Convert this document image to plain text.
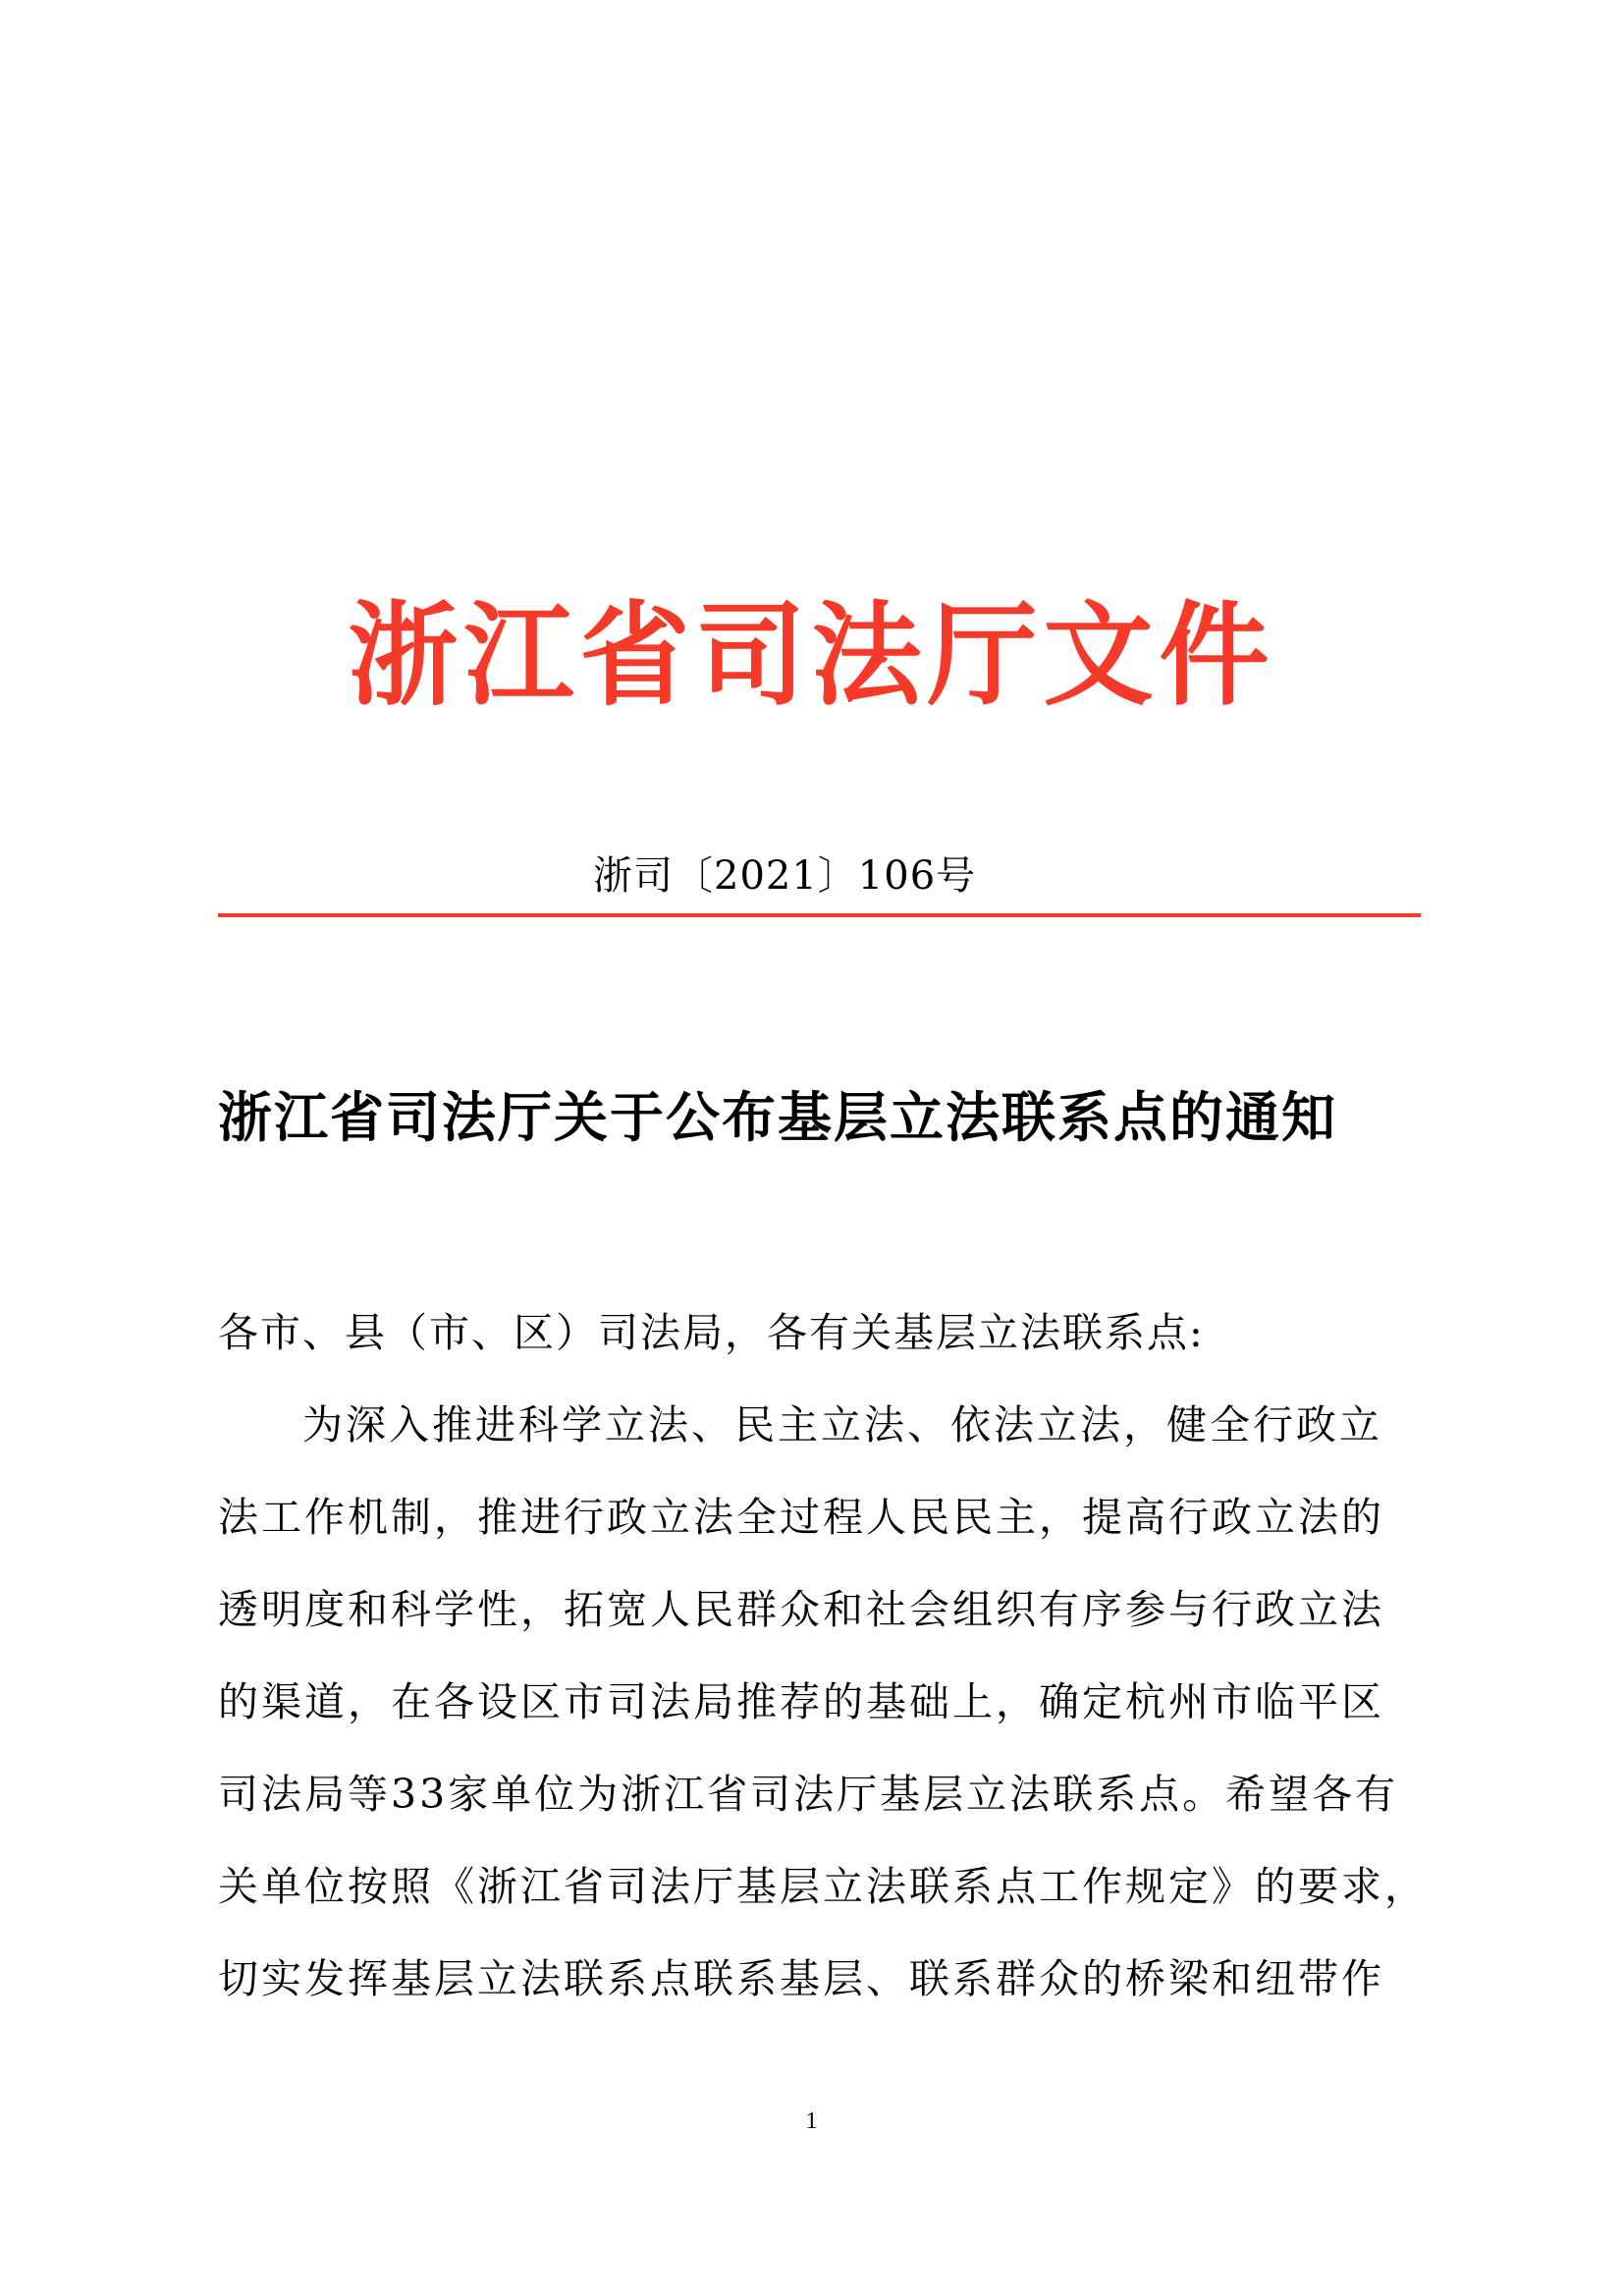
浙江省司法厅文件
浙司〔2021〕106号
浙江省司法厅关于公布基层立法联系点的通知
各市、县（市、区）司法局，各有关基层立法联系点:
为深入推进科学立法、民主立法、依法立法，健全行政立
法工作机制，推进行政立法全过程人民民主，提高行政立法的
透明度和科学性，拓宽人民群众和社会组织有序参与行政立法
的渠道，在各设区市司法局推荐的基础上，确定杭州市临平区
司法局等33家单位为浙江省司法厅基层立法联系点。希望各有
关单位按照《浙江省司法厅基层立法联系点工作规定》的要求，
切实发挥基层立法联系点联系基层、联系群众的桥梁和纽带作
1
